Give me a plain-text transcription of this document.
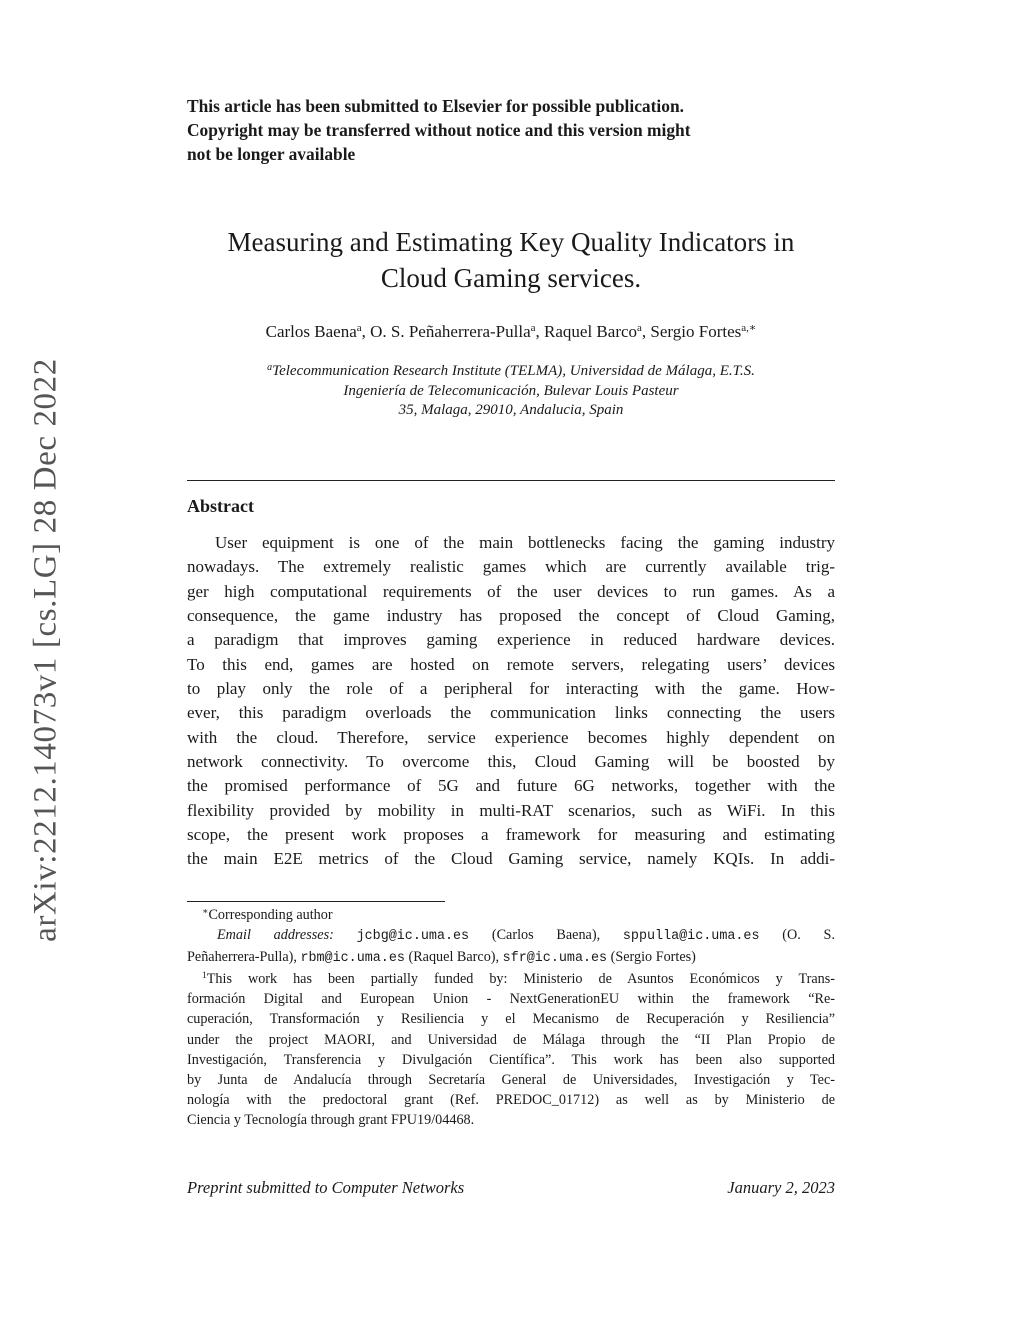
arXiv:2212.14073v1 [cs.LG] 28 Dec 2022
This article has been submitted to Elsevier for possible publication.
Copyright may be transferred without notice and this version might
not be longer available
Measuring and Estimating Key Quality Indicators in
Cloud Gaming services.
Carlos Baena$^a$, O. S. Peñaherrera-Pulla$^a$, Raquel Barco$^a$, Sergio Fortes$^{a,∗}$
$^a$Telecommunication Research Institute (TELMA), Universidad de Málaga, E.T.S.
Ingeniería de Telecomunicación, Bulevar Louis Pasteur
35, Malaga, 29010, Andalucia, Spain
Abstract
User equipment is one of the main bottlenecks facing the gaming industry
nowadays. The extremely realistic games which are currently available trig-
ger high computational requirements of the user devices to run games. As a
consequence, the game industry has proposed the concept of Cloud Gaming,
a paradigm that improves gaming experience in reduced hardware devices.
To this end, games are hosted on remote servers, relegating users’ devices
to play only the role of a peripheral for interacting with the game. How-
ever, this paradigm overloads the communication links connecting the users
with the cloud. Therefore, service experience becomes highly dependent on
network connectivity. To overcome this, Cloud Gaming will be boosted by
the promised performance of 5G and future 6G networks, together with the
flexibility provided by mobility in multi-RAT scenarios, such as WiFi. In this
scope, the present work proposes a framework for measuring and estimating
the main E2E metrics of the Cloud Gaming service, namely KQIs. In addi-
∗Corresponding author
Email addresses: jcbg@ic.uma.es (Carlos Baena), sppulla@ic.uma.es (O. S.
Peñaherrera-Pulla), rbm@ic.uma.es (Raquel Barco), sfr@ic.uma.es (Sergio Fortes)
$^1$This work has been partially funded by: Ministerio de Asuntos Económicos y Trans-
formación Digital and European Union - NextGenerationEU within the framework “Re-
cuperación, Transformación y Resiliencia y el Mecanismo de Recuperación y Resiliencia”
under the project MAORI, and Universidad de Málaga through the “II Plan Propio de
Investigación, Transferencia y Divulgación Científica”. This work has been also supported
by Junta de Andalucía through Secretaría General de Universidades, Investigación y Tec-
nología with the predoctoral grant (Ref. PREDOC_01712) as well as by Ministerio de
Ciencia y Tecnología through grant FPU19/04468.
Preprint submitted to Computer Networks	January 2, 2023
